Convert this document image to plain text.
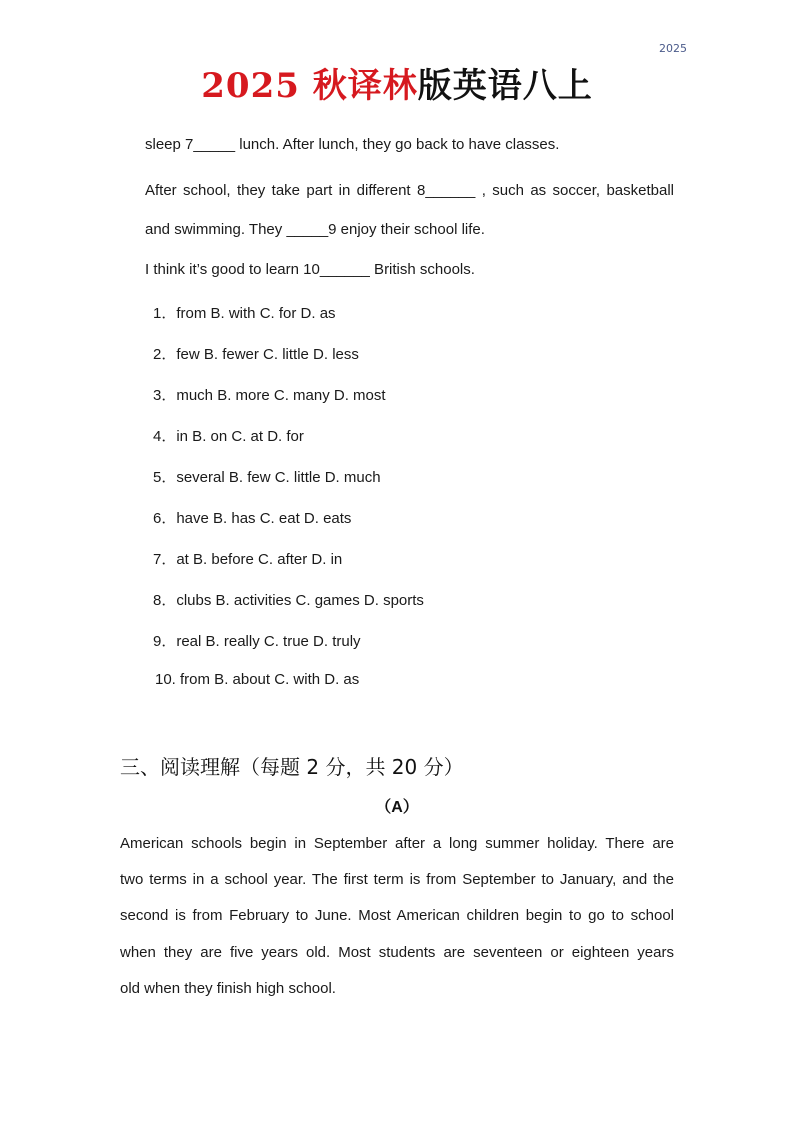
2025
2025 秋译林版英语八上
sleep 7_____ lunch. After lunch, they go back to have classes.
After school, they take part in different 8______ , such as soccer, basketball
and swimming. They _____9 enjoy their school life.
I think it’s good to learn 10______ British schools.
1．from B. with C. for D. as
2．few B. fewer C. little D. less
3．much B. more C. many D. most
4．in B. on C. at D. for
5．several B. few C. little D. much
6．have B. has C. eat D. eats
7．at B. before C. after D. in
8．clubs B. activities C. games D. sports
9．real B. really C. true D. truly
10. from B. about C. with D. as
三、阅读理解（每题 2 分，共 20 分）
（A）
American schools begin in September after a long summer holiday. There are
two terms in a school year. The first term is from September to January, and the
second is from February to June. Most American children begin to go to school
when they are five years old. Most students are seventeen or eighteen years
old when they finish high school.
